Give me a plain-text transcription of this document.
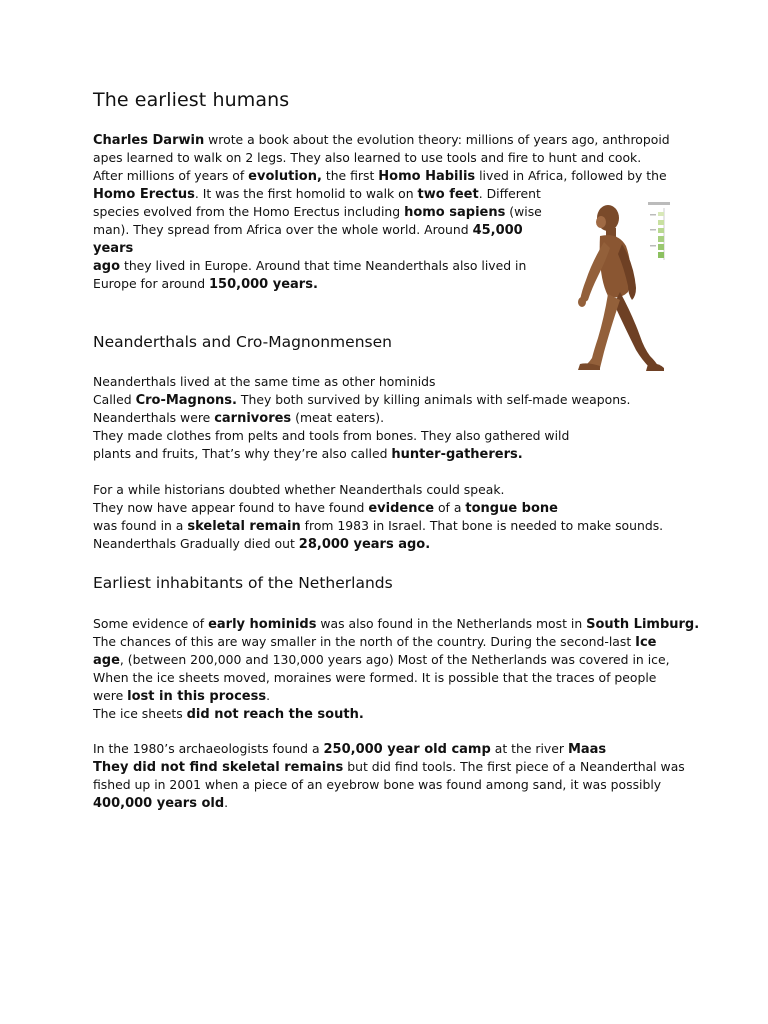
The earliest humans
Charles Darwin wrote a book about the evolution theory: millions of years ago, anthropoid
apes learned to walk on 2 legs. They also learned to use tools and fire to hunt and cook.
After millions of years of evolution, the first Homo Habilis lived in Africa, followed by the
Homo Erectus. It was the first homolid to walk on two feet. Different
species evolved from the Homo Erectus including homo sapiens (wise
man). They spread from Africa over the whole world. Around 45,000
years
ago they lived in Europe. Around that time Neanderthals also lived in
Europe for around 150,000 years.
Neanderthals and Cro-Magnonmensen
Neanderthals lived at the same time as other hominids
Called Cro-Magnons. They both survived by killing animals with self-made weapons.
Neanderthals were carnivores (meat eaters).
They made clothes from pelts and tools from bones. They also gathered wild
plants and fruits, That’s why they’re also called hunter-gatherers.
For a while historians doubted whether Neanderthals could speak.
They now have appear found to have found evidence of a tongue bone
was found in a skeletal remain from 1983 in Israel. That bone is needed to make sounds.
Neanderthals Gradually died out 28,000 years ago.
Earliest inhabitants of the Netherlands
Some evidence of early hominids was also found in the Netherlands most in South Limburg.
The chances of this are way smaller in the north of the country. During the second-last Ice
age, (between 200,000 and 130,000 years ago) Most of the Netherlands was covered in ice,
When the ice sheets moved, moraines were formed. It is possible that the traces of people
were lost in this process.
The ice sheets did not reach the south.
In the 1980’s archaeologists found a 250,000 year old camp at the river Maas
They did not find skeletal remains but did find tools. The first piece of a Neanderthal was
fished up in 2001 when a piece of an eyebrow bone was found among sand, it was possibly
400,000 years old.
